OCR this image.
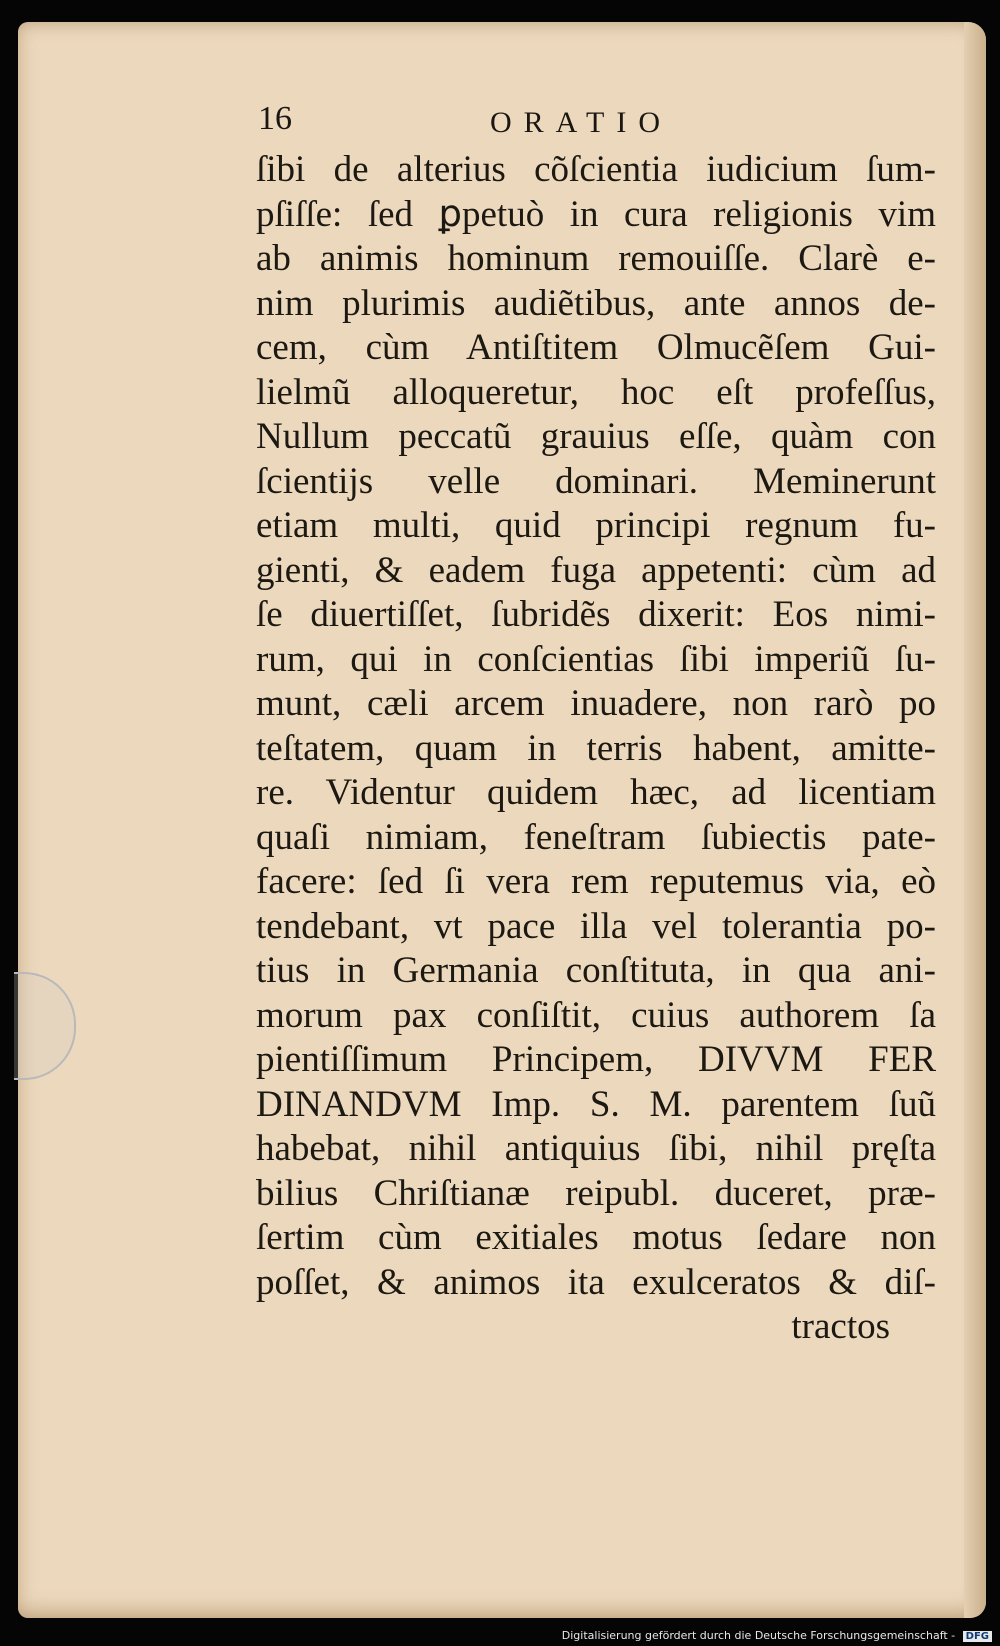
16	ORATIO
ſibi de alterius cõſcientia iudicium ſum-
pſiſſe: ſed ꝑpetuò in cura religionis vim
ab animis hominum remouiſſe. Clarè e-
nim plurimis audiẽtibus, ante annos de-
cem, cùm Antiſtitem Olmucẽſem Gui-
lielmũ alloqueretur, hoc eſt profeſſus,
Nullum peccatũ grauius eſſe, quàm con
ſcientijs velle dominari. Meminerunt
etiam multi, quid principi regnum fu-
gienti, & eadem fuga appetenti: cùm ad
ſe diuertiſſet, ſubridẽs dixerit: Eos nimi-
rum, qui in conſcientias ſibi imperiũ ſu-
munt, cæli arcem inuadere, non rarò po
teſtatem, quam in terris habent, amitte-
re. Videntur quidem hæc, ad licentiam
quaſi nimiam, feneſtram ſubiectis pate-
facere: ſed ſi vera rem reputemus via, eò
tendebant, vt pace illa vel tolerantia po-
tius in Germania conſtituta, in qua ani-
morum pax conſiſtit, cuius authorem ſa
pientiſſimum Principem, DIVVM FER
DINANDVM Imp. S. M. parentem ſuũ
habebat, nihil antiquius ſibi, nihil pręſta
bilius Chriſtianæ reipubl. duceret, præ-
ſertim cùm exitiales motus ſedare non
poſſet, & animos ita exulceratos & diſ-
tractos
Digitalisierung gefördert durch die Deutsche Forschungsgemeinschaft - DFG
